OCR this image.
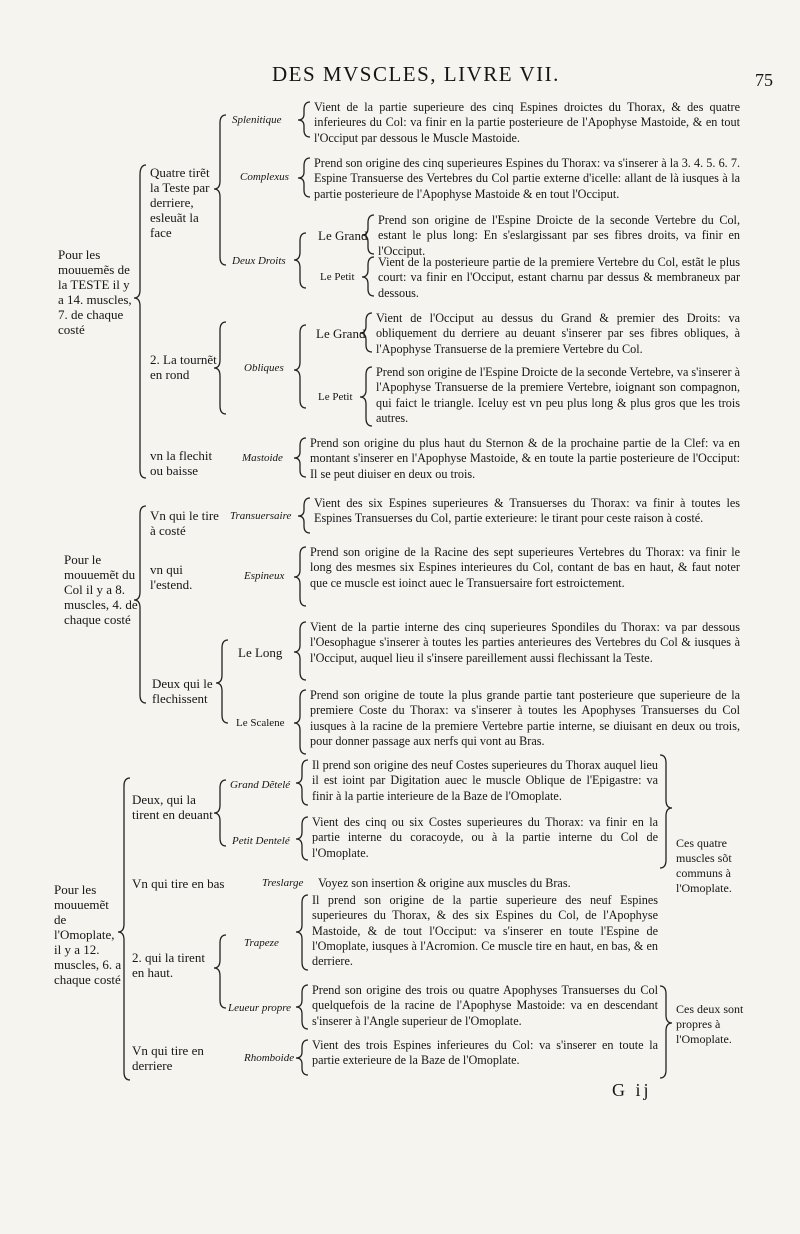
DES MVSCLES, LIVRE VII.	75
Pour les mouuemẽs de la TESTE il y a 14. muscles, 7. de chaque costé
Pour le mouuemẽt du Col il y a 8. muscles, 4. de chaque costé
Pour les mouuemẽt de l'Omoplate, il y a 12. muscles, 6. a chaque costé
Quatre tirẽt la Teste par derriere, esleuãt la face
2. La tournẽt en rond
vn la flechit ou baisse
Vn qui le tire à costé
vn qui l'estend.
Deux qui le flechissent
Deux, qui la tirent en deuant
Vn qui tire en bas
2. qui la tirent en haut.
Vn qui tire en derriere
Splenitique
Complexus
Deux Droits
Obliques
Mastoide
Transuersaire
Espineux
Grand Dẽtelé
Petit Dentelé
Treslarge
Trapeze
Leueur propre
Rhomboide
Le Grand
Le Petit
Le Grand
Le Petit
Le Long
Le Scalene
Vient de la partie superieure des cinq Espines droictes du Thorax, & des quatre inferieures du Col: va finir en la partie posterieure de l'Apophyse Mastoide, & en tout l'Occiput par dessous le Muscle Mastoide.
Prend son origine des cinq superieures Espines du Thorax: va s'inserer à la 3. 4. 5. 6. 7. Espine Transuerse des Vertebres du Col partie externe d'icelle: allant de là iusques à la partie posterieure de l'Apophyse Mastoide & en tout l'Occiput.
Prend son origine de l'Espine Droicte de la seconde Vertebre du Col, estant le plus long: En s'eslargissant par ses fibres droits, va finir en l'Occiput.
Vient de la posterieure partie de la premiere Vertebre du Col, estãt le plus court: va finir en l'Occiput, estant charnu par dessus & membraneux par dessous.
Vient de l'Occiput au dessus du Grand & premier des Droits: va obliquement du derriere au deuant s'inserer par ses fibres obliques, à l'Apophyse Transuerse de la premiere Vertebre du Col.
Prend son origine de l'Espine Droicte de la seconde Vertebre, va s'inserer à l'Apophyse Transuerse de la premiere Vertebre, ioignant son compagnon, qui faict le triangle. Iceluy est vn peu plus long & plus gros que les trois autres.
Prend son origine du plus haut du Sternon & de la prochaine partie de la Clef: va en montant s'inserer en l'Apophyse Mastoide, & en toute la partie posterieure de l'Occiput: Il se peut diuiser en deux ou trois.
Vient des six Espines superieures & Transuerses du Thorax: va finir à toutes les Espines Transuerses du Col, partie exterieure: le tirant pour ceste raison à costé.
Prend son origine de la Racine des sept superieures Vertebres du Thorax: va finir le long des mesmes six Espines interieures du Col, contant de bas en haut, & faut noter que ce muscle est ioinct auec le Transuersaire fort estroictement.
Vient de la partie interne des cinq superieures Spondiles du Thorax: va par dessous l'Oesophague s'inserer à toutes les parties anterieures des Vertebres du Col & iusques à l'Occiput, auquel lieu il s'insere pareillement aussi flechissant la Teste.
Prend son origine de toute la plus grande partie tant posterieure que superieure de la premiere Coste du Thorax: va s'inserer à toutes les Apophyses Transuerses du Col iusques à la racine de la premiere Vertebre partie interne, se diuisant en deux ou trois, pour donner passage aux nerfs qui vont au Bras.
Il prend son origine des neuf Costes superieures du Thorax auquel lieu il est ioint par Digitation auec le muscle Oblique de l'Epigastre: va finir à la partie interieure de la Baze de l'Omoplate.
Vient des cinq ou six Costes superieures du Thorax: va finir en la partie interne du coracoyde, ou à la partie interne du Col de l'Omoplate.
Voyez son insertion & origine aux muscles du Bras.
Il prend son origine de la partie superieure des neuf Espines superieures du Thorax, & des six Espines du Col, de l'Apophyse Mastoide, & de tout l'Occiput: va s'inserer en toute l'Espine de l'Omoplate, iusques à l'Acromion. Ce muscle tire en haut, en bas, & en derriere.
Prend son origine des trois ou quatre Apophyses Transuerses du Col quelquefois de la racine de l'Apophyse Mastoide: va en descendant s'inserer à l'Angle superieur de l'Omoplate.
Vient des trois Espines inferieures du Col: va s'inserer en toute la partie exterieure de la Baze de l'Omoplate.
Ces quatre muscles sõt communs à l'Omoplate.
Ces deux sont propres à l'Omoplate.
G ij
